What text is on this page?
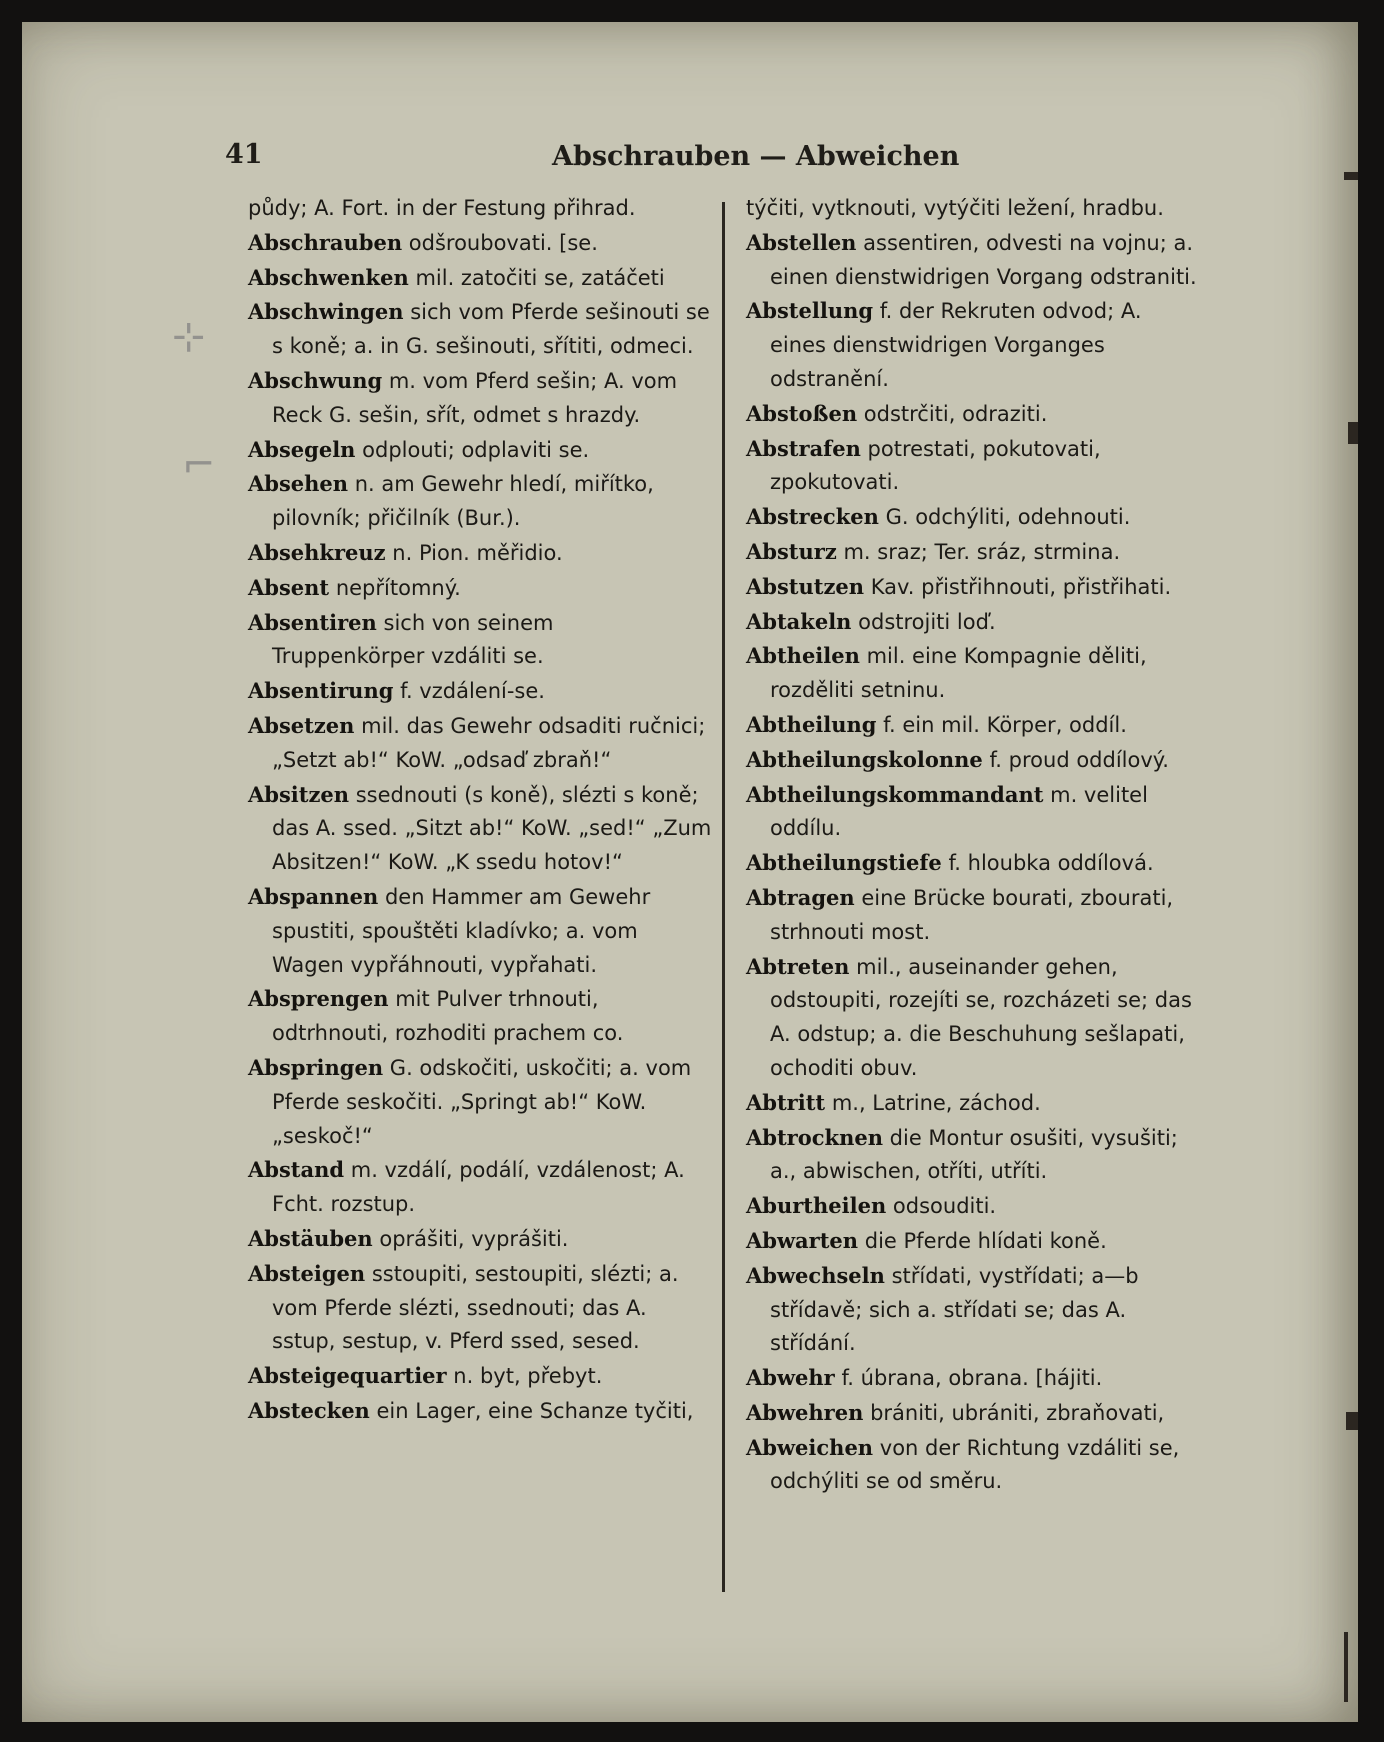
41	Abschrauben — Abweichen
půdy; A. Fort. in der Festung přihrad.
Abschrauben odšroubovati. [se.
Abschwenken mil. zatočiti se, zatáčeti
Abschwingen sich vom Pferde sešinouti se s koně; a. in G. sešinouti, sřítiti, odmeci.
Abschwung m. vom Pferd sešin; A. vom Reck G. sešin, sřít, odmet s hrazdy.
Absegeln odplouti; odplaviti se.
Absehen n. am Gewehr hledí, miřítko, pilovník; přičilník (Bur.).
Absehkreuz n. Pion. měřidio.
Absent nepřítomný.
Absentiren sich von seinem Truppenkörper vzdáliti se.
Absentirung f. vzdálení-se.
Absetzen mil. das Gewehr odsaditi ručnici; „Setzt ab!“ KoW. „odsaď zbraň!“
Absitzen ssednouti (s koně), slézti s koně; das A. ssed. „Sitzt ab!“ KoW. „sed!“ „Zum Absitzen!“ KoW. „K ssedu hotov!“
Abspannen den Hammer am Gewehr spustiti, spouštěti kladívko; a. vom Wagen vypřáhnouti, vypřahati.
Absprengen mit Pulver trhnouti, odtrhnouti, rozhoditi prachem co.
Abspringen G. odskočiti, uskočiti; a. vom Pferde seskočiti. „Springt ab!“ KoW. „seskoč!“
Abstand m. vzdálí, podálí, vzdálenost; A. Fcht. rozstup.
Abstäuben oprášiti, vyprášiti.
Absteigen sstoupiti, sestoupiti, slézti; a. vom Pferde slézti, ssednouti; das A. sstup, sestup, v. Pferd ssed, sesed.
Absteigequartier n. byt, přebyt.
Abstecken ein Lager, eine Schanze tyčiti,
týčiti, vytknouti, vytýčiti ležení, hradbu.
Abstellen assentiren, odvesti na vojnu; a. einen dienstwidrigen Vorgang odstraniti.
Abstellung f. der Rekruten odvod; A. eines dienstwidrigen Vorganges odstranění.
Abstoßen odstrčiti, odraziti.
Abstrafen potrestati, pokutovati, zpokutovati.
Abstrecken G. odchýliti, odehnouti.
Absturz m. sraz; Ter. sráz, strmina.
Abstutzen Kav. přistřihnouti, přistřihati.
Abtakeln odstrojiti loď.
Abtheilen mil. eine Kompagnie děliti, rozděliti setninu.
Abtheilung f. ein mil. Körper, oddíl.
Abtheilungskolonne f. proud oddílový.
Abtheilungskommandant m. velitel oddílu.
Abtheilungstiefe f. hloubka oddílová.
Abtragen eine Brücke bourati, zbourati, strhnouti most.
Abtreten mil., auseinander gehen, odstoupiti, rozejíti se, rozcházeti se; das A. odstup; a. die Beschuhung sešlapati, ochoditi obuv.
Abtritt m., Latrine, záchod.
Abtrocknen die Montur osušiti, vysušiti; a., abwischen, otříti, utříti.
Aburtheilen odsouditi.
Abwarten die Pferde hlídati koně.
Abwechseln střídati, vystřídati; a—b střídavě; sich a. střídati se; das A. střídání.
Abwehr f. úbrana, obrana. [hájiti.
Abwehren brániti, ubrániti, zbraňovati,
Abweichen von der Richtung vzdáliti se, odchýliti se od směru.
⊹
⌐
